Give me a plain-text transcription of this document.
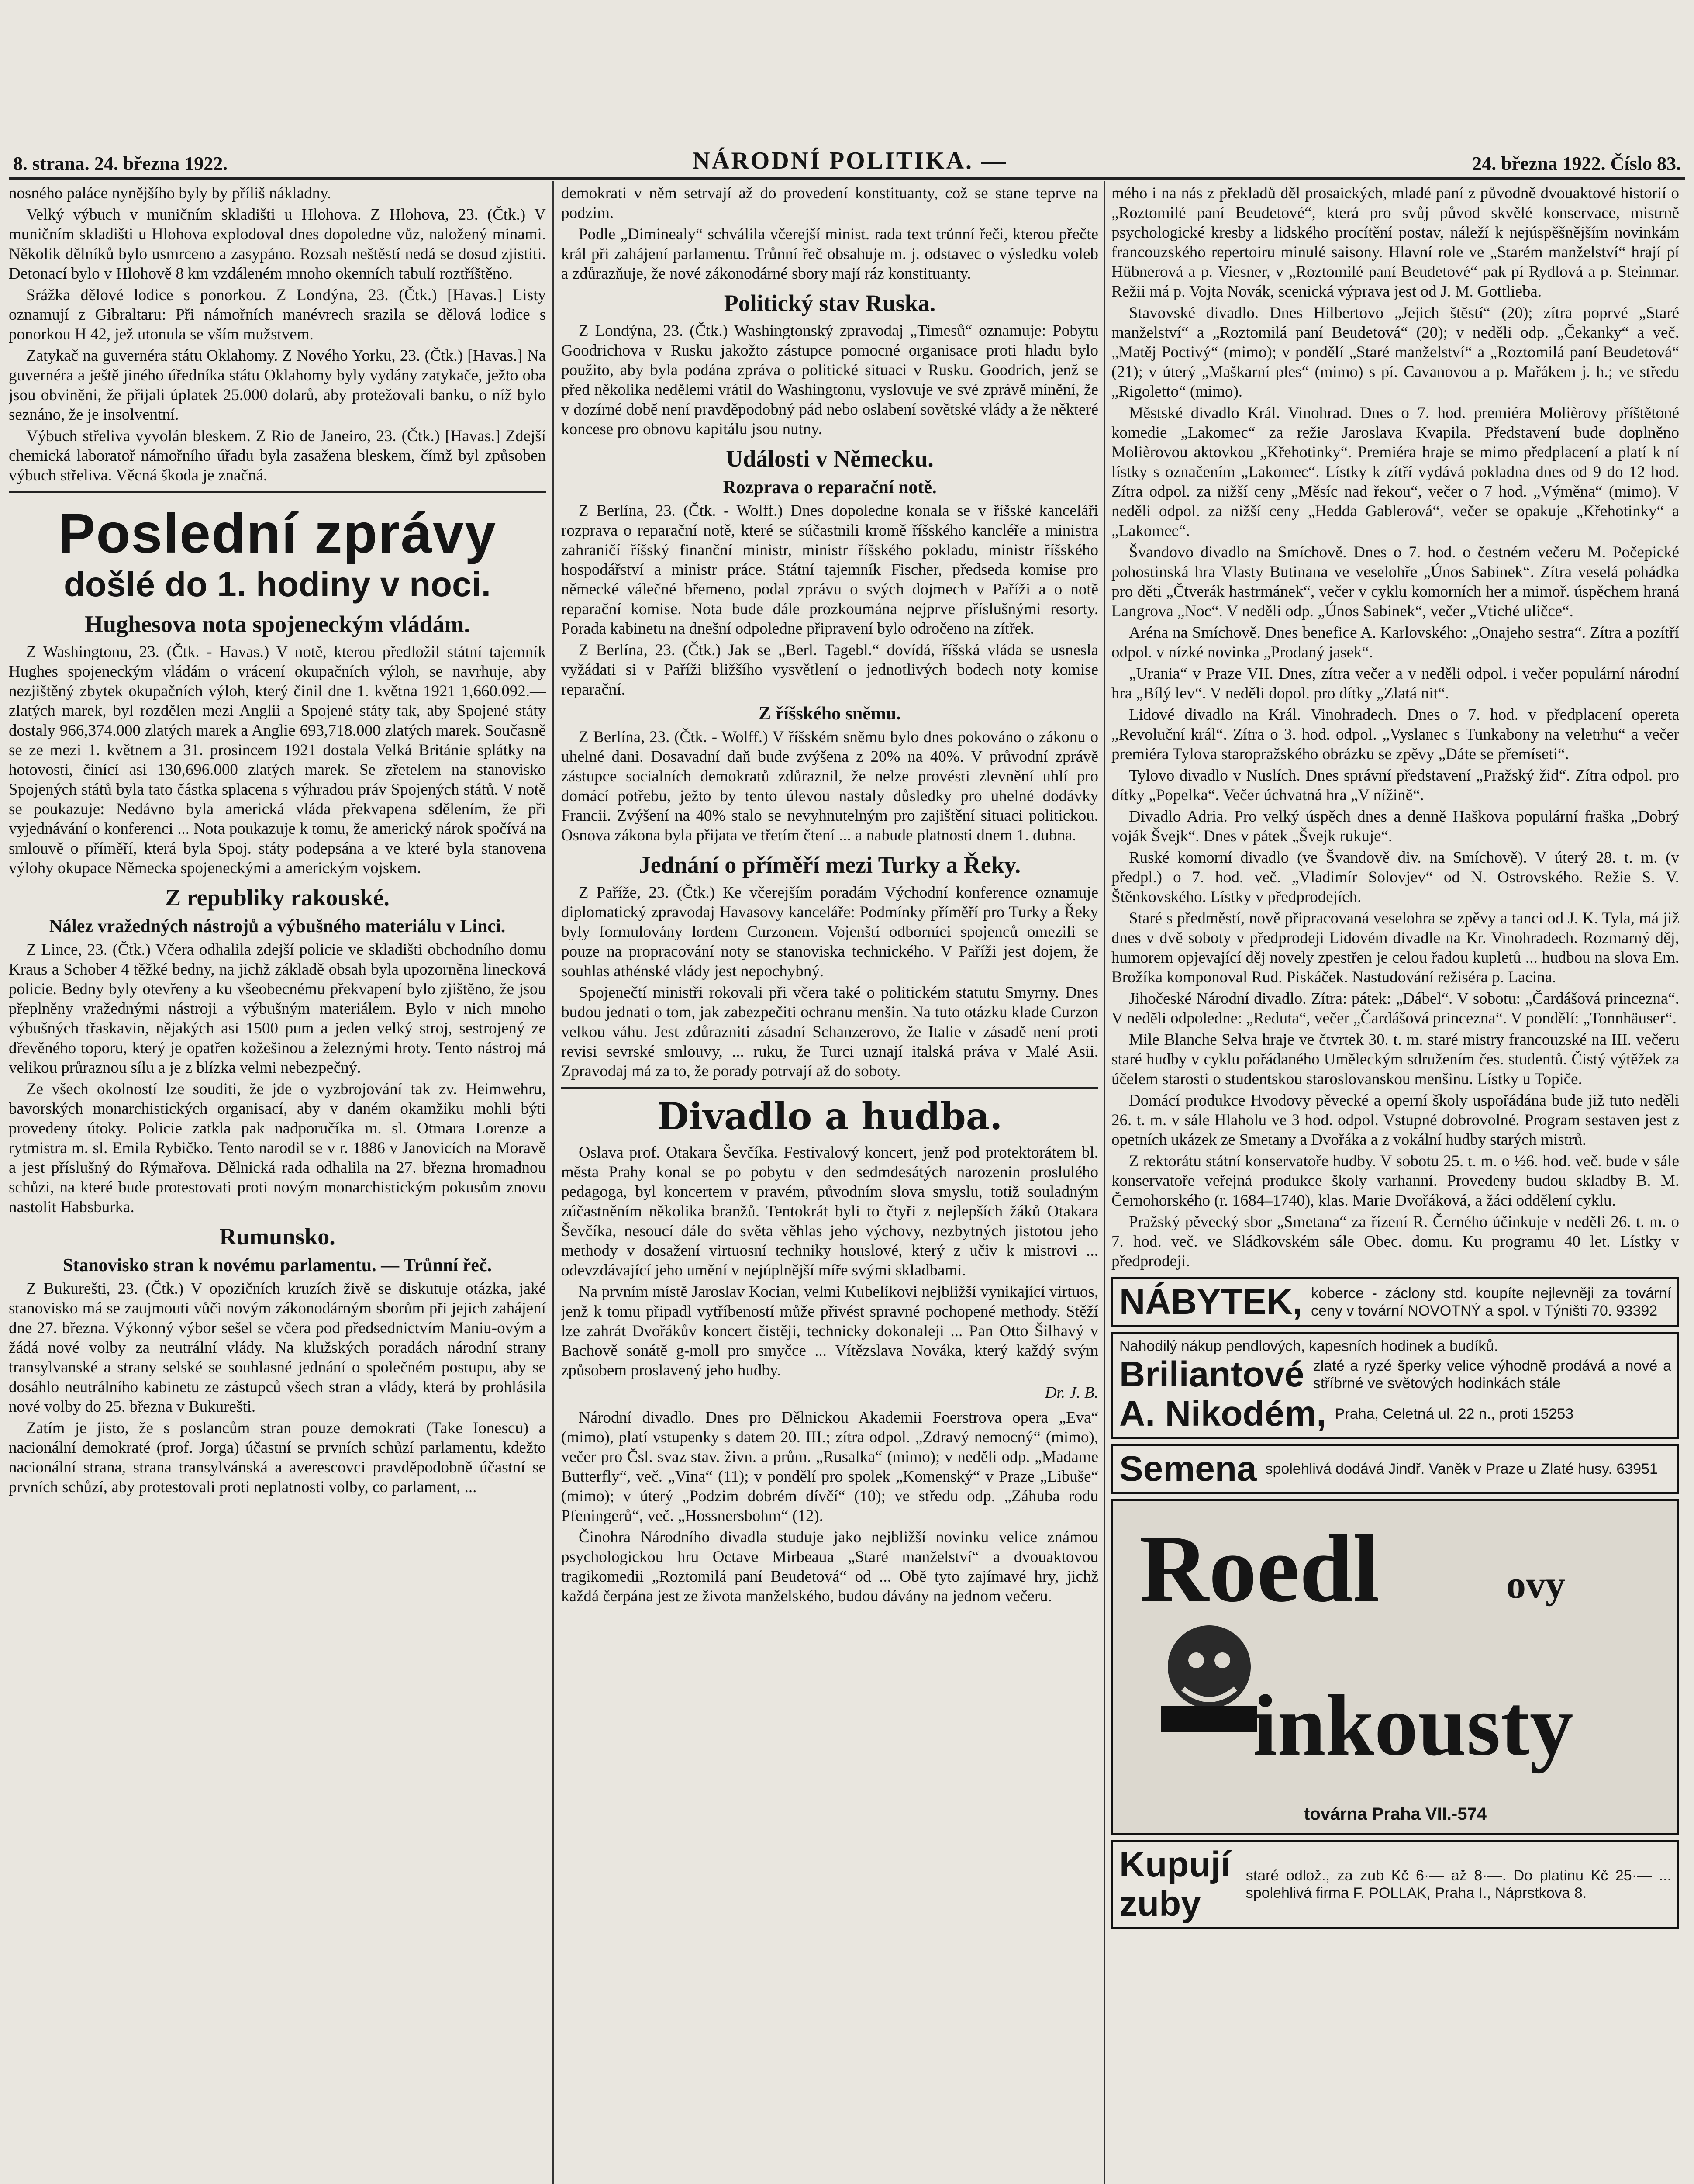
8. strana. 24. března 1922.	NÁRODNÍ POLITIKA. —	24. března 1922. Číslo 83.

nosného paláce nynějšího byly by příliš nákladny.

Velký výbuch v muničním skladišti u Hlohova. Z Hlohova, 23. (Čtk.) V muničním skladišti u Hlohova explodoval dnes dopoledne vůz, naložený minami. Několik dělníků bylo usmrceno a zasypáno. Rozsah neštěstí nedá se dosud zjistiti. Detonací bylo v Hlohově 8 km vzdáleném mnoho okenních tabulí roztříštěno.

Srážka dělové lodice s ponorkou. Z Londýna, 23. (Čtk.) [Havas.] Listy oznamují z Gibraltaru: Při námořních manévrech srazila se dělová lodice s ponorkou H 42, jež utonula se vším mužstvem.

Zatykač na guvernéra státu Oklahomy. Z Nového Yorku, 23. (Čtk.) [Havas.] Na guvernéra a ještě jiného úředníka státu Oklahomy byly vydány zatykače, ježto oba jsou obviněni, že přijali úplatek 25.000 dolarů, aby protežovali banku, o níž bylo seznáno, že je insolventní.

Výbuch střeliva vyvolán bleskem. Z Rio de Janeiro, 23. (Čtk.) [Havas.] Zdejší chemická laboratoř námořního úřadu byla zasažena bleskem, čímž byl způsoben výbuch střeliva. Věcná škoda je značná.

Poslední zprávy
došlé do 1. hodiny v noci.
Hughesova nota spojeneckým vládám.

Z Washingtonu, 23. (Čtk. - Havas.) V notě, kterou předložil státní tajemník Hughes spojeneckým vládám o vrácení okupačních výloh, se navrhuje, aby nezjištěný zbytek okupačních výloh, který činil dne 1. května 1921 1,660.092.— zlatých marek, byl rozdělen mezi Anglii a Spojené státy tak, aby Spojené státy dostaly 966,374.000 zlatých marek a Anglie 693,718.000 zlatých marek. Současně se ze mezi 1. květnem a 31. prosincem 1921 dostala Velká Británie splátky na hotovosti, činící asi 130,696.000 zlatých marek. Se zřetelem na stanovisko Spojených států byla tato částka splacena s výhradou práv Spojených států. V notě se poukazuje: Nedávno byla americká vláda překvapena sdělením, že při vyjednávání o konferenci ... Nota poukazuje k tomu, že americký nárok spočívá na smlouvě o příměří, která byla Spoj. státy podepsána a ve které byla stanovena výlohy okupace Německa spojeneckými a americkým vojskem.

Z republiky rakouské.
Nález vražedných nástrojů a výbušného materiálu v Linci.

Z Lince, 23. (Čtk.) Včera odhalila zdejší policie ve skladišti obchodního domu Kraus a Schober 4 těžké bedny, na jichž základě obsah byla upozorněna linecková policie. Bedny byly otevřeny a ku všeobecnému překvapení bylo zjištěno, že jsou přeplněny vražednými nástroji a výbušným materiálem. Bylo v nich mnoho výbušných třaskavin, nějakých asi 1500 pum a jeden velký stroj, sestrojený ze dřevěného toporu, který je opatřen kožešinou a železnými hroty. Tento nástroj má velikou průraznou sílu a je z blízka velmi nebezpečný.

Ze všech okolností lze souditi, že jde o vyzbrojování tak zv. Heimwehru, bavorských monarchistických organisací, aby v daném okamžiku mohli býti provedeny útoky. Policie zatkla pak nadporučíka m. sl. Otmara Lorenze a rytmistra m. sl. Emila Rybičko. Tento narodil se v r. 1886 v Janovicích na Moravě a jest příslušný do Rýmařova. Dělnická rada odhalila na 27. března hromadnou schůzi, na které bude protestovati proti novým monarchistickým pokusům znovu nastolit Habsburka.

Rumunsko.
Stanovisko stran k novému parlamentu. — Trůnní řeč.

Z Bukurešti, 23. (Čtk.) V opozičních kruzích živě se diskutuje otázka, jaké stanovisko má se zaujmouti vůči novým zákonodárným sborům při jejich zahájení dne 27. března. Výkonný výbor sešel se včera pod předsednictvím Maniu-ovým a žádá nové volby za neutrální vlády. Na klužských poradách národní strany transylvanské a strany selské se souhlasné jednání o společném postupu, aby se dosáhlo neutrálního kabinetu ze zástupců všech stran a vlády, která by prohlásila nové volby do 25. března v Bukurešti.

Zatím je jisto, že s poslancům stran pouze demokrati (Take Ionescu) a nacionální demokraté (prof. Jorga) účastní se prvních schůzí parlamentu, kdežto nacionální strana, strana transylvánská a averescovci pravděpodobně účastní se prvních schůzí, aby protestovali proti neplatnosti volby, co parlament, ...

demokrati v něm setrvají až do provedení konstituanty, což se stane teprve na podzim.

Podle „Diminealy“ schválila včerejší minist. rada text trůnní řeči, kterou přečte král při zahájení parlamentu. Trůnní řeč obsahuje m. j. odstavec o výsledku voleb a zdůrazňuje, že nové zákonodárné sbory mají ráz konstituanty.

Politický stav Ruska.

Z Londýna, 23. (Čtk.) Washingtonský zpravodaj „Timesů“ oznamuje: Pobytu Goodrichova v Rusku jakožto zástupce pomocné organisace proti hladu bylo použito, aby byla podána zpráva o politické situaci v Rusku. Goodrich, jenž se před několika nedělemi vrátil do Washingtonu, vyslovuje ve své zprávě mínění, že v dozírné době není pravděpodobný pád nebo oslabení sovětské vlády a že některé koncese pro obnovu kapitálu jsou nutny.

Události v Německu.
Rozprava o reparační notě.

Z Berlína, 23. (Čtk. - Wolff.) Dnes dopoledne konala se v říšské kanceláři rozprava o reparační notě, které se súčastnili kromě říšského kancléře a ministra zahraničí říšský finanční ministr, ministr říšského pokladu, ministr říšského hospodářství a ministr práce. Státní tajemník Fischer, předseda komise pro německé válečné břemeno, podal zprávu o svých dojmech v Paříži a o notě reparační komise. Nota bude dále prozkoumána nejprve příslušnými resorty. Porada kabinetu na dnešní odpoledne připravení bylo odročeno na zítřek.

Z Berlína, 23. (Čtk.) Jak se „Berl. Tagebl.“ dovídá, říšská vláda se usnesla vyžádati si v Paříži bližšího vysvětlení o jednotlivých bodech noty komise reparační.

Z říšského sněmu.

Z Berlína, 23. (Čtk. - Wolff.) V říšském sněmu bylo dnes pokováno o zákonu o uhelné dani. Dosavadní daň bude zvýšena z 20% na 40%. V průvodní zprávě zástupce socialních demokratů zdůraznil, že nelze provésti zlevnění uhlí pro domácí potřebu, ježto by tento úlevou nastaly důsledky pro uhelné dodávky Francii. Zvýšení na 40% stalo se nevyhnutelným pro zajištění situaci politickou. Osnova zákona byla přijata ve třetím čtení ... a nabude platnosti dnem 1. dubna.

Jednání o příměří mezi Turky a Řeky.

Z Paříže, 23. (Čtk.) Ke včerejším poradám Východní konference oznamuje diplomatický zpravodaj Havasovy kanceláře: Podmínky příměří pro Turky a Řeky byly formulovány lordem Curzonem. Vojenští odborníci spojenců omezili se pouze na propracování noty se stanoviska technického. V Paříži jest dojem, že souhlas athénské vlády jest nepochybný.

Spojenečtí ministři rokovali při včera také o politickém statutu Smyrny. Dnes budou jednati o tom, jak zabezpečiti ochranu menšin. Na tuto otázku klade Curzon velkou váhu. Jest zdůrazniti zásadní Schanzerovo, že Italie v zásadě není proti revisi sevrské smlouvy, ... ruku, že Turci uznají italská práva v Malé Asii. Zpravodaj má za to, že porady potrvají až do soboty.

Divadlo a hudba.

Oslava prof. Otakara Ševčíka. Festivalový koncert, jenž pod protektorátem bl. města Prahy konal se po pobytu v den sedmdesátých narozenin proslulého pedagoga, byl koncertem v pravém, původním slova smyslu, totiž souladným zúčastněním několika branžů. Tentokrát byli to čtyři z nejlepších žáků Otakara Ševčíka, nesoucí dále do světa věhlas jeho výchovy, nezbytných jistotou jeho methody v dosažení virtuosní techniky houslové, který z učiv k mistrovi ... odevzdávající jeho umění v nejúplnější míře svými skladbami.

Na prvním místě Jaroslav Kocian, velmi Kubelíkovi nejbližší vynikající virtuos, jenž k tomu připadl vytříbeností může přivést spravné pochopené methody. Stěží lze zahrát Dvořákův koncert čistěji, technicky dokonaleji ... Pan Otto Šilhavý v Bachově sonátě g-moll pro smyčce ... Vítězslava Nováka, který každý svým způsobem proslavený jeho hudby.

Dr. J. B.

Národní divadlo. Dnes pro Dělnickou Akademii Foerstrova opera „Eva“ (mimo), platí vstupenky s datem 20. III.; zítra odpol. „Zdravý nemocný“ (mimo), večer pro Čsl. svaz stav. živn. a prům. „Rusalka“ (mimo); v neděli odp. „Madame Butterfly“, več. „Vina“ (11); v pondělí pro spolek „Komenský“ v Praze „Libuše“ (mimo); v úterý „Podzim dobrém dívčí“ (10); ve středu odp. „Záhuba rodu Pfeningerů“, več. „Hossnersbohm“ (12).

Činohra Národního divadla studuje jako nejbližší novinku velice známou psychologickou hru Octave Mirbeaua „Staré manželství“ a dvouaktovou tragikomedii „Roztomilá paní Beudetová“ od ... Obě tyto zajímavé hry, jichž každá čerpána jest ze života manželského, budou dávány na jednom večeru.

mého i na nás z překladů děl prosaických, mladé paní z původně dvouaktové historií o „Roztomilé paní Beudetové“, která pro svůj původ skvělé konservace, mistrně psychologické kresby a lidského procítění postav, náleží k nejúspěšnějším novinkám francouzského repertoiru minulé saisony. Hlavní role ve „Starém manželství“ hrají pí Hübnerová a p. Viesner, v „Roztomilé paní Beudetové“ pak pí Rydlová a p. Steinmar. Režii má p. Vojta Novák, scenická výprava jest od J. M. Gottlieba.

Stavovské divadlo. Dnes Hilbertovo „Jejich štěstí“ (20); zítra poprvé „Staré manželství“ a „Roztomilá paní Beudetová“ (20); v neděli odp. „Čekanky“ a več. „Matěj Poctivý“ (mimo); v pondělí „Staré manželství“ a „Roztomilá paní Beudetová“ (21); v úterý „Maškarní ples“ (mimo) s pí. Cavanovou a p. Mařákem j. h.; ve středu „Rigoletto“ (mimo).

Městské divadlo Král. Vinohrad. Dnes o 7. hod. premiéra Molièrovy příštětoné komedie „Lakomec“ za režie Jaroslava Kvapila. Představení bude doplněno Molièrovou aktovkou „Křehotinky“. Premiéra hraje se mimo předplacení a platí k ní lístky s označením „Lakomec“. Lístky k zítří vydává pokladna dnes od 9 do 12 hod. Zítra odpol. za nižší ceny „Měsíc nad řekou“, večer o 7 hod. „Výměna“ (mimo). V neděli odpol. za nižší ceny „Hedda Gablerová“, večer se opakuje „Křehotinky“ a „Lakomec“.

Švandovo divadlo na Smíchově. Dnes o 7. hod. o čestném večeru M. Počepické pohostinská hra Vlasty Butinana ve veselohře „Únos Sabinek“. Zítra veselá pohádka pro děti „Čtverák hastrmánek“, večer v cyklu komorních her a mimoř. úspěchem hraná Langrova „Noc“. V neděli odp. „Únos Sabinek“, večer „Vtiché uličce“.

Aréna na Smíchově. Dnes benefice A. Karlovského: „Onajeho sestra“. Zítra a pozítří odpol. v nízké novinka „Prodaný jasek“.

„Urania“ v Praze VII. Dnes, zítra večer a v neděli odpol. i večer populární národní hra „Bílý lev“. V neděli dopol. pro dítky „Zlatá nit“.

Lidové divadlo na Král. Vinohradech. Dnes o 7. hod. v předplacení opereta „Revoluční král“. Zítra o 3. hod. odpol. „Vyslanec s Tunkabony na veletrhu“ a večer premiéra Tylova staropražského obrázku se zpěvy „Dáte se přemíseti“.

Tylovo divadlo v Nuslích. Dnes správní představení „Pražský žid“. Zítra odpol. pro dítky „Popelka“. Večer úchvatná hra „V nížině“.

Divadlo Adria. Pro velký úspěch dnes a denně Haškova populární fraška „Dobrý voják Švejk“. Dnes v pátek „Švejk rukuje“.

Ruské komorní divadlo (ve Švandově div. na Smíchově). V úterý 28. t. m. (v předpl.) o 7. hod. več. „Vladimír Solovjev“ od N. Ostrovského. Režie S. V. Štěnkovského. Lístky v předprodejích.

Staré s předměstí, nově připracovaná veselohra se zpěvy a tanci od J. K. Tyla, má již dnes v dvě soboty v předprodeji Lidovém divadle na Kr. Vinohradech. Rozmarný děj, humorem opjevající děj novely zpestřen je celou řadou kupletů ... hudbou na slova Em. Brožíka komponoval Rud. Piskáček. Nastudování režiséra p. Lacina.

Jihočeské Národní divadlo. Zítra: pátek: „Dábel“. V sobotu: „Čardášová princezna“. V neděli odpoledne: „Reduta“, večer „Čardášová princezna“. V pondělí: „Tonnhäuser“.

Mile Blanche Selva hraje ve čtvrtek 30. t. m. staré mistry francouzské na III. večeru staré hudby v cyklu pořádaného Uměleckým sdružením čes. studentů. Čistý výtěžek za účelem starosti o studentskou staroslovanskou menšinu. Lístky u Topiče.

Domácí produkce Hvodovy pěvecké a operní školy uspořádána bude již tuto neděli 26. t. m. v sále Hlaholu ve 3 hod. odpol. Vstupné dobrovolné. Program sestaven jest z opetních ukázek ze Smetany a Dvořáka a z vokální hudby starých mistrů.

Z rektorátu státní konservatoře hudby. V sobotu 25. t. m. o ½6. hod. več. bude v sále konservatoře veřejná produkce školy varhanní. Provedeny budou skladby B. M. Černohorského (r. 1684–1740), klas. Marie Dvořáková, a žáci oddělení cyklu.

Pražský pěvecký sbor „Smetana“ za řízení R. Černého účinkuje v neděli 26. t. m. o 7. hod. več. ve Sládkovském sále Obec. domu. Ku programu 40 let. Lístky v předprodeji.

NÁBYTEK, koberce - záclony std. koupíte nejlevněji za tovární ceny v tovární NOVOTNÝ a spol. v Týništi 70. 93392
Nahodilý nákup pendlových, kapesních hodinek a budíků.
Briliantové zlaté a ryzé šperky velice výhodně prodává a nové a stříbrné ve světových hodinkách stále
A. Nikodém, Praha, Celetná ul. 22 n., proti 15253
Semena spolehlivá dodává Jindř. Vaněk v Praze u Zlaté husy. 63951
Roedl	ovy
inkousty
továrna Praha VII.-574
Kupují zuby
staré odlož., za zub Kč 6·— až 8·—. Do platinu Kč 25·— ... spolehlivá firma F. POLLAK, Praha I., Náprstkova 8.
